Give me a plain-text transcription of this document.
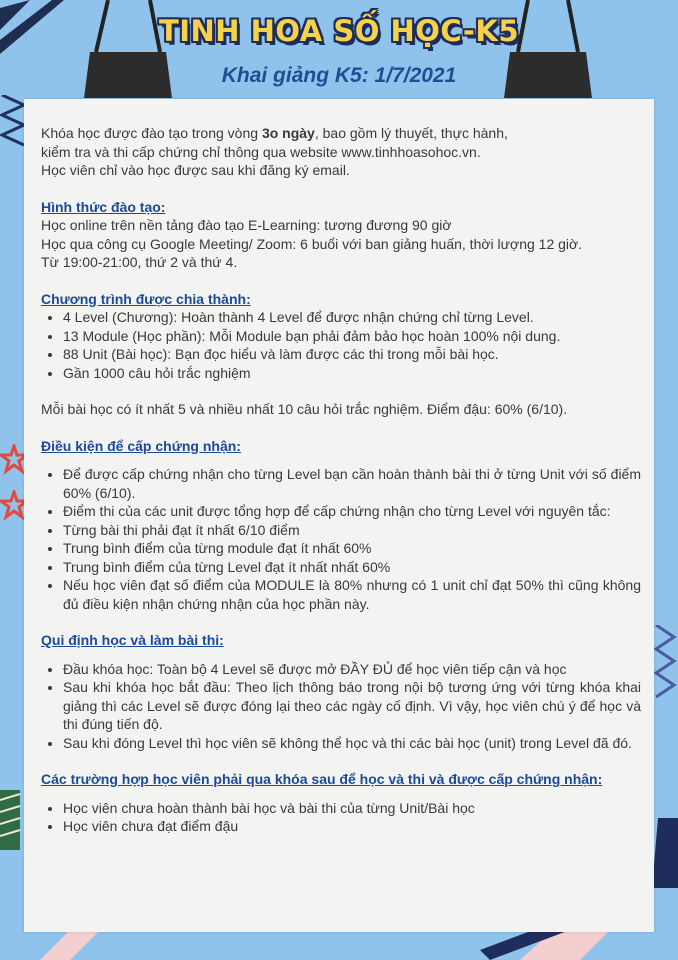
TINH HOA SỐ HỌC-K5
Khai giảng K5: 1/7/2021

Khóa học được đào tạo trong vòng 3o ngày, bao gồm lý thuyết, thực hành,

kiểm tra và thi cấp chứng chỉ thông qua website www.tinhhoasohoc.vn.

Học viên chỉ vào học được sau khi đăng ký email.

Hình thức đào tạo:

Học online trên nền tảng đào tạo E-Learning: tương đương 90 giờ

Học qua công cụ Google Meeting/ Zoom: 6 buổi với ban giảng huấn, thời lượng 12 giờ.

Từ 19:00-21:00, thứ 2 và thứ 4.

Chương trình được chia thành:

• 4 Level (Chương): Hoàn thành 4 Level để được nhận chứng chỉ từng Level.
• 13 Module (Học phần): Mỗi Module bạn phải đảm bảo học hoàn 100% nội dung.
• 88 Unit (Bài học): Bạn đọc hiểu và làm được các thi trong mỗi bài học.
• Gần 1000 câu hỏi trắc nghiệm

Mỗi bài học có ít nhất 5 và nhiều nhất 10 câu hỏi trắc nghiệm. Điểm đậu: 60% (6/10).

Điều kiện để cấp chứng nhận:

• Để được cấp chứng nhận cho từng Level bạn cần hoàn thành bài thi ở từng Unit với số điểm 60% (6/10).
• Điểm thi của các unit được tổng hợp để cấp chứng nhận cho từng Level với nguyên tắc:
• Từng bài thi phải đạt ít nhất 6/10 điểm
• Trung bình điểm của từng module đạt ít nhất 60%
• Trung bình điểm của từng Level đạt ít nhất nhất 60%
• Nếu học viên đạt số điểm của MODULE là 80% nhưng có 1 unit chỉ đạt 50% thì cũng không đủ điều kiện nhận chứng nhận của học phần này.

Qui định học và làm bài thi:

• Đầu khóa học: Toàn bộ 4 Level sẽ được mở ĐẦY ĐỦ để học viên tiếp cận và học
• Sau khi khóa học bắt đầu: Theo lịch thông báo trong nội bộ tương ứng với từng khóa khai giảng thì các Level sẽ được đóng lại theo các ngày cố định. Vì vậy, học viên chú ý để học và thi đúng tiến độ.
• Sau khi đóng Level thì học viên sẽ không thể học và thi các bài học (unit) trong Level đã đó.

Các trường hợp học viên phải qua khóa sau để học và thi và được cấp chứng nhận:

• Học viên chưa hoàn thành bài học và bài thi của từng Unit/Bài học
• Học viên chưa đạt điểm đậu
